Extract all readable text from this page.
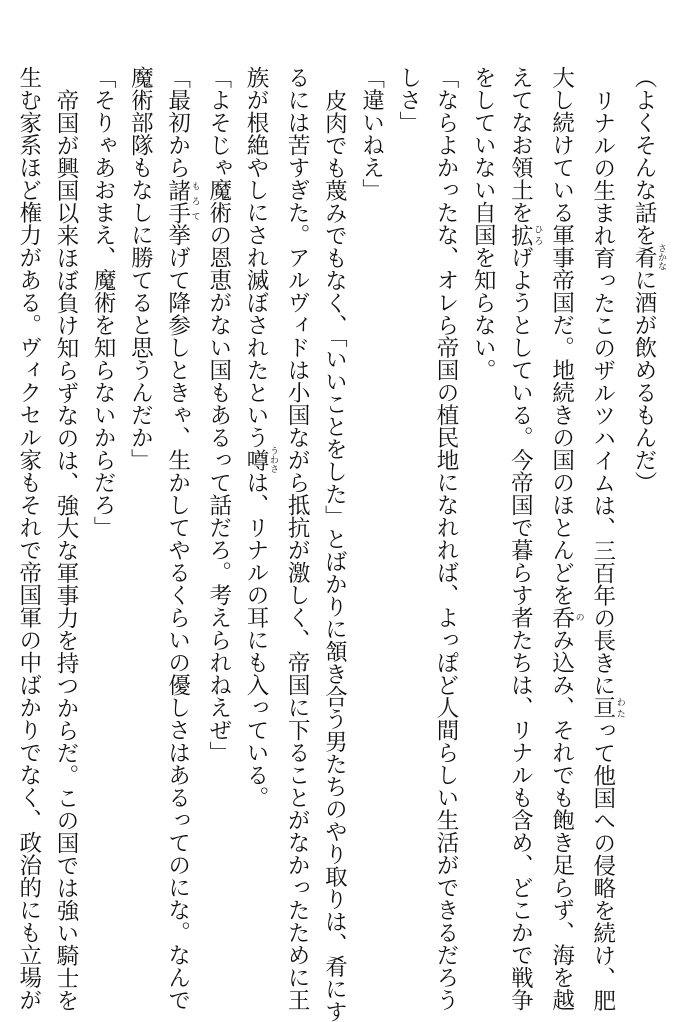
（よくそんな話を肴 さかなに酒が飲めるもんだ）
リナルの生まれ育ったこのザルツハイムは、三百年の長きに亘 わたって他国への侵略を続け、肥
大し続けている軍事帝国だ。地続きの国のほとんどを呑 のみ込み、それでも飽き足らず、海を越
えてなお領土を拡 ひろげようとしている。今帝国で暮らす者たちは、リナルも含め、どこかで戦争
をしていない自国を知らない。
「ならよかったな、オレら帝国の植民地になれれば、よっぽど人間らしい生活ができるだろう
しさ」
「違いねえ」
皮肉でも蔑みでもなく、「いいことをした」とばかりに頷き合う男たちのやり取りは、肴にす
るには苦すぎた。アルヴィドは小国ながら抵抗が激しく、帝国に下ることがなかったために王
族が根絶やしにされ滅ぼされたという噂 うわさは、リナルの耳にも入っている。
「よそじゃ魔術の恩恵がない国もあるって話だろ。考えられねえぜ」
「最初から諸手 もろて挙げて降参しときゃ、生かしてやるくらいの優しさはあるってのにな。なんで
魔術部隊もなしに勝てると思うんだか」
「そりゃあおまえ、魔術を知らないからだろ」
帝国が興国以来ほぼ負け知らずなのは、強大な軍事力を持つからだ。この国では強い騎士を
生む家系ほど権力がある。ヴィクセル家もそれで帝国軍の中ばかりでなく、政治的にも立場が
